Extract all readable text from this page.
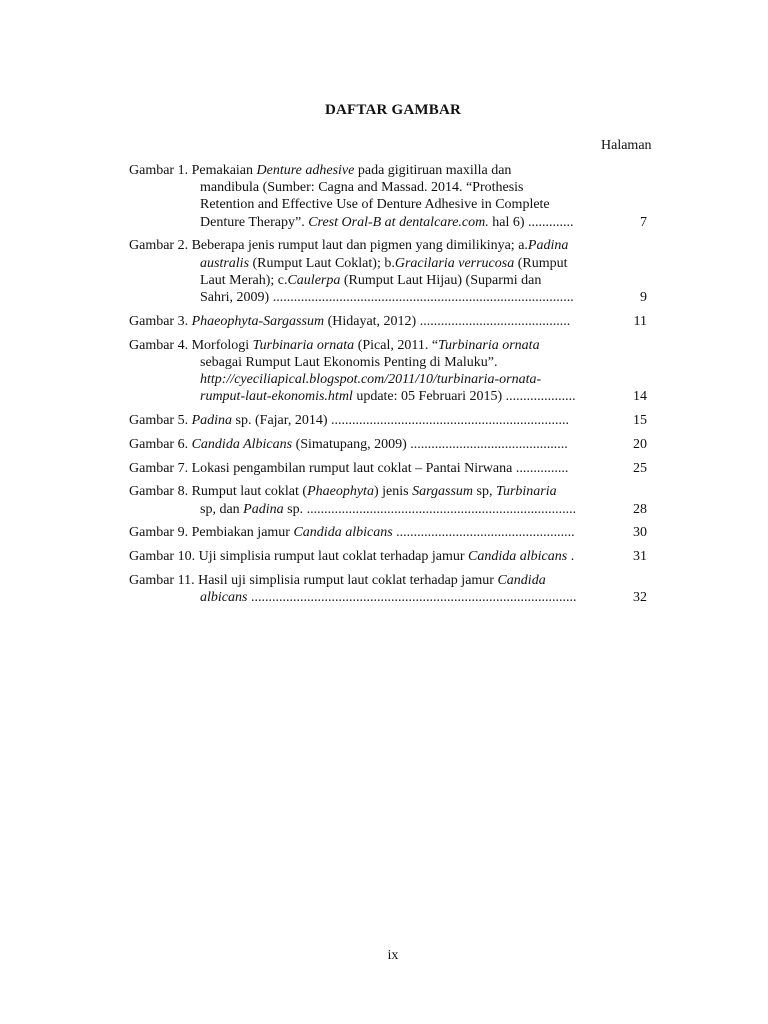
DAFTAR GAMBAR
Halaman
Gambar 1. Pemakaian Denture adhesive pada gigitiruan maxilla dan
mandibula (Sumber: Cagna and Massad. 2014. “Prothesis
Retention and Effective Use of Denture Adhesive in Complete
Denture Therapy”. Crest Oral-B at dentalcare.com. hal 6) .............	7
Gambar 2. Beberapa jenis rumput laut dan pigmen yang dimilikinya; a.Padina
australis (Rumput Laut Coklat); b.Gracilaria verrucosa (Rumput
Laut Merah); c.Caulerpa (Rumput Laut Hijau) (Suparmi dan
Sahri, 2009) ......................................................................................	9
Gambar 3. Phaeophyta-Sargassum (Hidayat, 2012) ...........................................	11
Gambar 4. Morfologi Turbinaria ornata (Pical, 2011. “Turbinaria ornata
sebagai Rumput Laut Ekonomis Penting di Maluku”.
http://cyeciliapical.blogspot.com/2011/10/turbinaria-ornata-
rumput-laut-ekonomis.html update: 05 Februari 2015) ....................	14
Gambar 5. Padina sp. (Fajar, 2014) ....................................................................	15
Gambar 6. Candida Albicans (Simatupang, 2009) .............................................	20
Gambar 7. Lokasi pengambilan rumput laut coklat – Pantai Nirwana ...............	25
Gambar 8. Rumput laut coklat (Phaeophyta) jenis Sargassum sp, Turbinaria
sp, dan Padina sp. .............................................................................	28
Gambar 9. Pembiakan jamur Candida albicans ...................................................	30
Gambar 10. Uji simplisia rumput laut coklat terhadap jamur Candida albicans .	31
Gambar 11. Hasil uji simplisia rumput laut coklat terhadap jamur Candida
albicans .............................................................................................	32
ix
